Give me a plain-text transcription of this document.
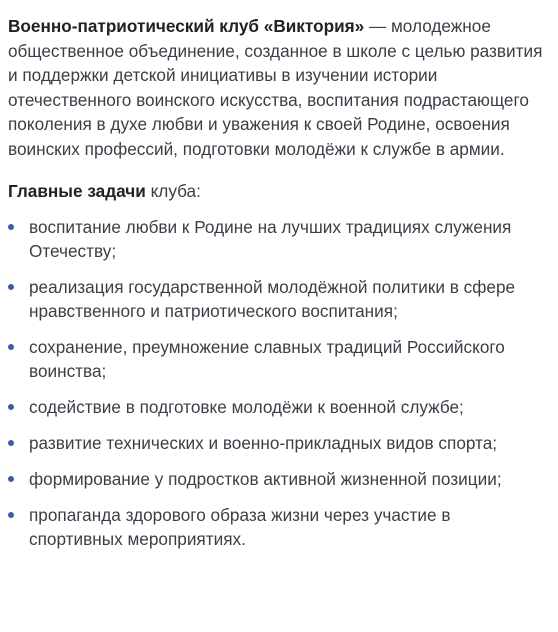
Военно-патриотический клуб «Виктория» — молодежное общественное объединение, созданное в школе с целью развития и поддержки детской инициативы в изучении истории отечественного воинского искусства, воспитания подрастающего поколения в духе любви и уважения к своей Родине, освоения воинских профессий, подготовки молодёжи к службе в армии.

Главные задачи клуба:

воспитание любви к Родине на лучших традициях служения Отечеству;
реализация государственной молодёжной политики в сфере нравственного и патриотического воспитания;
сохранение, преумножение славных традиций Российского воинства;
содействие в подготовке молодёжи к военной службе;
развитие технических и военно-прикладных видов спорта;
формирование у подростков активной жизненной позиции;
пропаганда здорового образа жизни через участие в спортивных мероприятиях.
